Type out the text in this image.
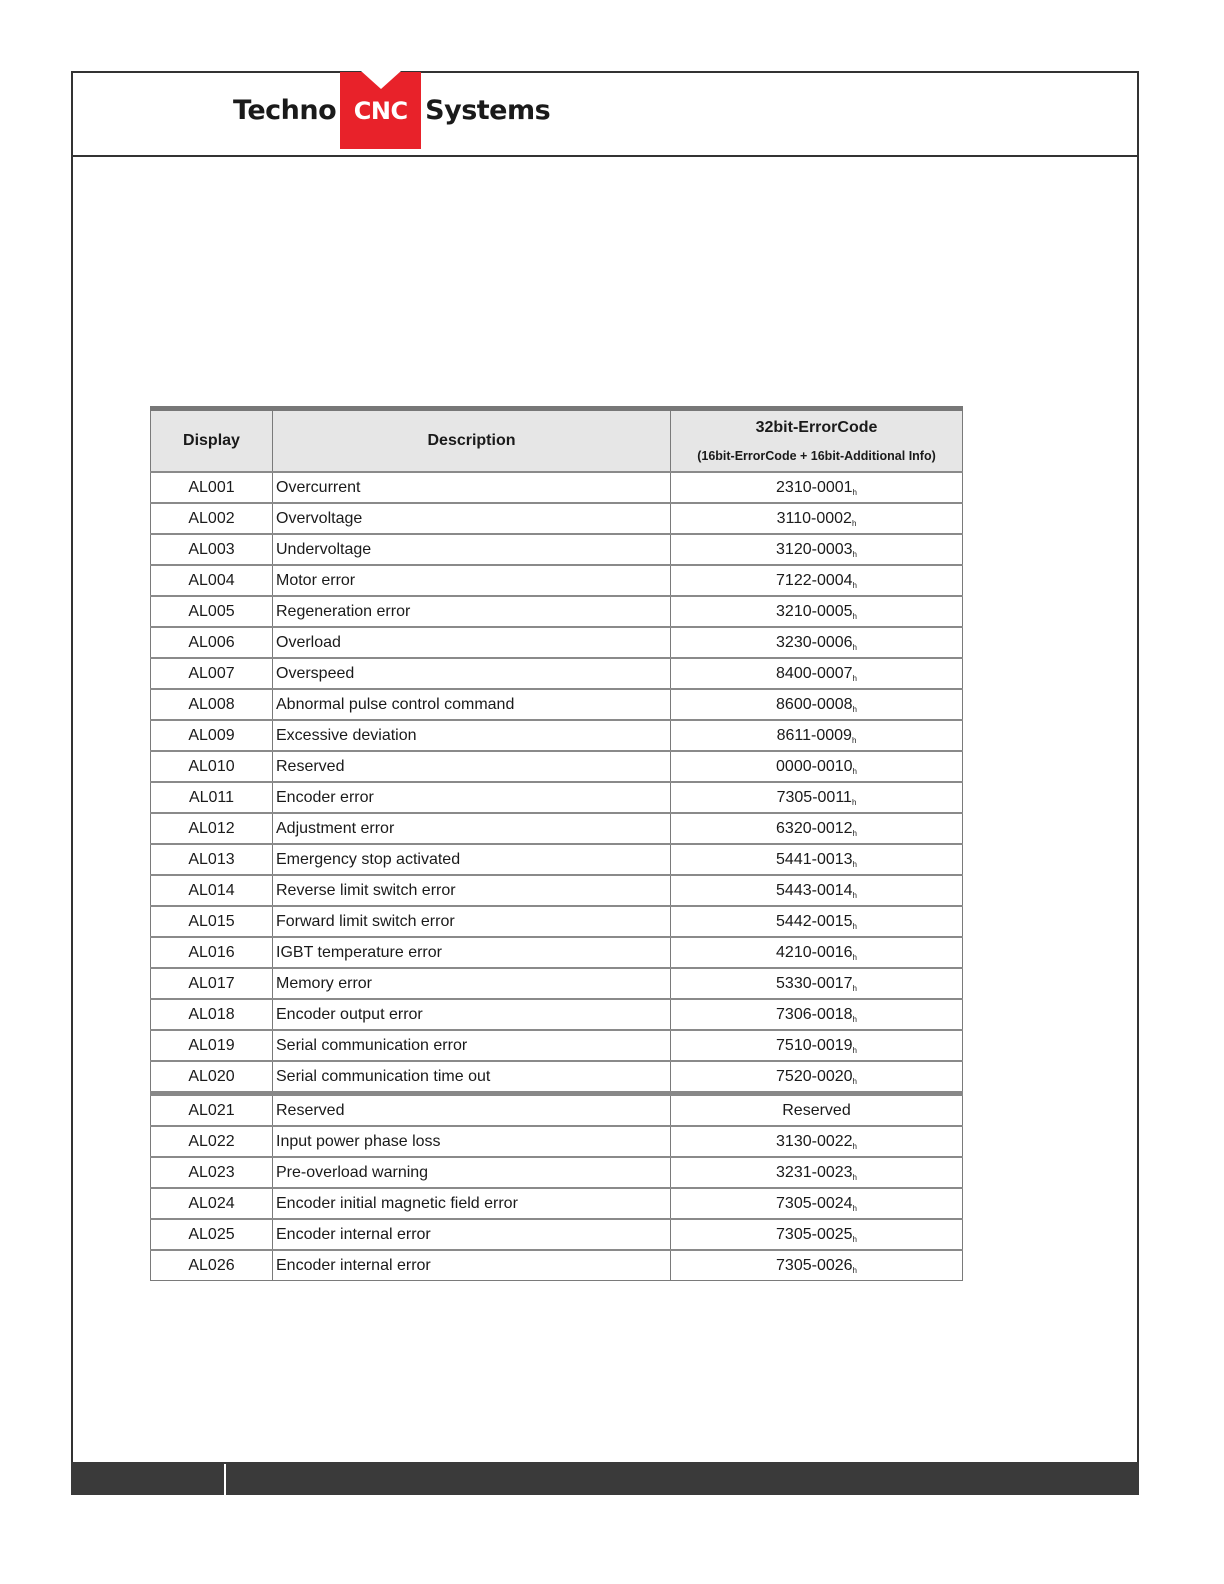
Techno CNC Systems
Display	Description	32bit-ErrorCode
(16bit-ErrorCode + 16bit-Additional Info)

AL001	Overcurrent	2310-0001h
AL002	Overvoltage	3110-0002h
AL003	Undervoltage	3120-0003h
AL004	Motor error	7122-0004h
AL005	Regeneration error	3210-0005h
AL006	Overload	3230-0006h
AL007	Overspeed	8400-0007h
AL008	Abnormal pulse control command	8600-0008h
AL009	Excessive deviation	8611-0009h
AL010	Reserved	0000-0010h
AL011	Encoder error	7305-0011h
AL012	Adjustment error	6320-0012h
AL013	Emergency stop activated	5441-0013h
AL014	Reverse limit switch error	5443-0014h
AL015	Forward limit switch error	5442-0015h
AL016	IGBT temperature error	4210-0016h
AL017	Memory error	5330-0017h
AL018	Encoder output error	7306-0018h
AL019	Serial communication error	7510-0019h
AL020	Serial communication time out	7520-0020h
AL021	Reserved	Reserved
AL022	Input power phase loss	3130-0022h
AL023	Pre-overload warning	3231-0023h
AL024	Encoder initial magnetic field error	7305-0024h
AL025	Encoder internal error	7305-0025h
AL026	Encoder internal error	7305-0026h
